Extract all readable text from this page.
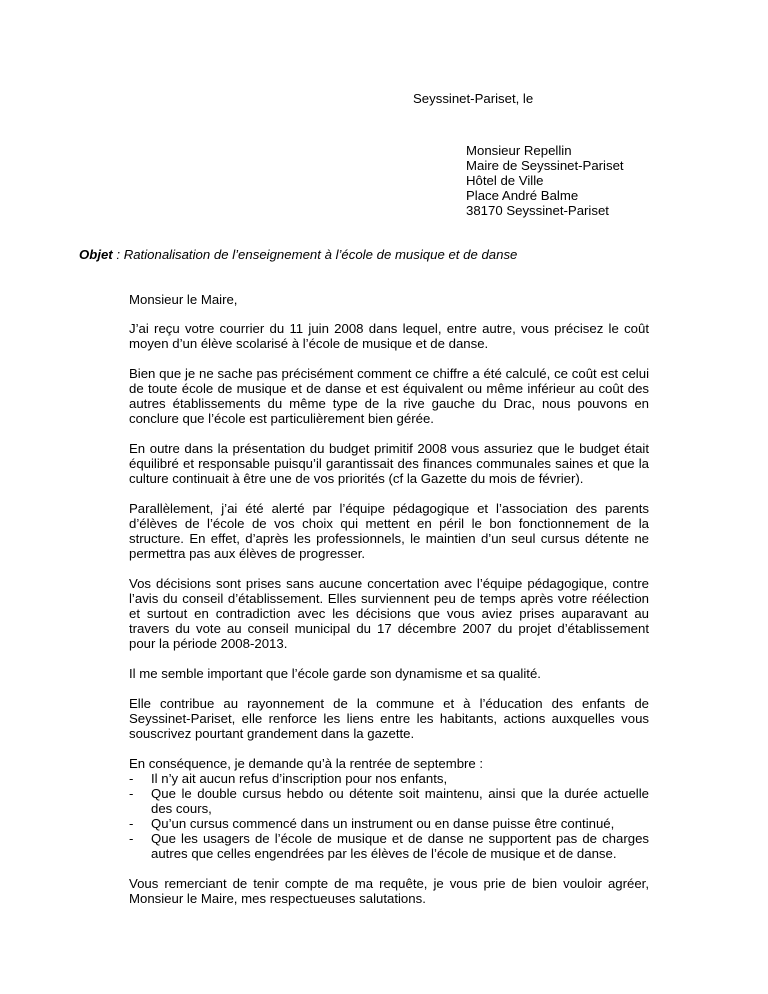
Seyssinet-Pariset, le
Monsieur Repellin
Maire de Seyssinet-Pariset
Hôtel de Ville
Place André Balme
38170 Seyssinet-Pariset
Objet : Rationalisation de l’enseignement à l’école de musique et de danse
Monsieur le Maire,

J’ai reçu votre courrier du 11 juin 2008 dans lequel, entre autre, vous précisez le coût moyen d’un élève scolarisé à l’école de musique et de danse.

Bien que je ne sache pas précisément comment ce chiffre a été calculé, ce coût est celui de toute école de musique et de danse et est équivalent ou même inférieur au coût des autres établissements du même type de la rive gauche du Drac, nous pouvons en conclure que l’école est particulièrement bien gérée.

En outre dans la présentation du budget primitif 2008 vous assuriez que le budget était équilibré et responsable puisqu’il garantissait des finances communales saines et que la culture continuait à être une de vos priorités (cf la Gazette du mois de février).

Parallèlement, j’ai été alerté par l’équipe pédagogique et l’association des parents d’élèves de l’école de vos choix qui mettent en péril le bon fonctionnement de la structure. En effet, d’après les professionnels, le maintien d’un seul cursus détente ne permettra pas aux élèves de progresser.

Vos décisions sont prises sans aucune concertation avec l’équipe pédagogique, contre l’avis du conseil d’établissement. Elles surviennent peu de temps après votre réélection et surtout en contradiction avec les décisions que vous aviez prises auparavant au travers du vote au conseil municipal du 17 décembre 2007 du projet d’établissement pour la période 2008-2013.

Il me semble important que l’école garde son dynamisme et sa qualité.

Elle contribue au rayonnement de la commune et à l’éducation des enfants de Seyssinet-Pariset, elle renforce les liens entre les habitants, actions auxquelles vous souscrivez pourtant grandement dans la gazette.

En conséquence, je demande qu’à la rentrée de septembre :
- Il n’y ait aucun refus d’inscription pour nos enfants,
- Que le double cursus hebdo ou détente soit maintenu, ainsi que la durée actuelle des cours,
- Qu’un cursus commencé dans un instrument ou en danse puisse être continué,
- Que les usagers de l’école de musique et de danse ne supportent pas de charges autres que celles engendrées par les élèves de l’école de musique et de danse.

Vous remerciant de tenir compte de ma requête, je vous prie de bien vouloir agréer, Monsieur le Maire, mes respectueuses salutations.
